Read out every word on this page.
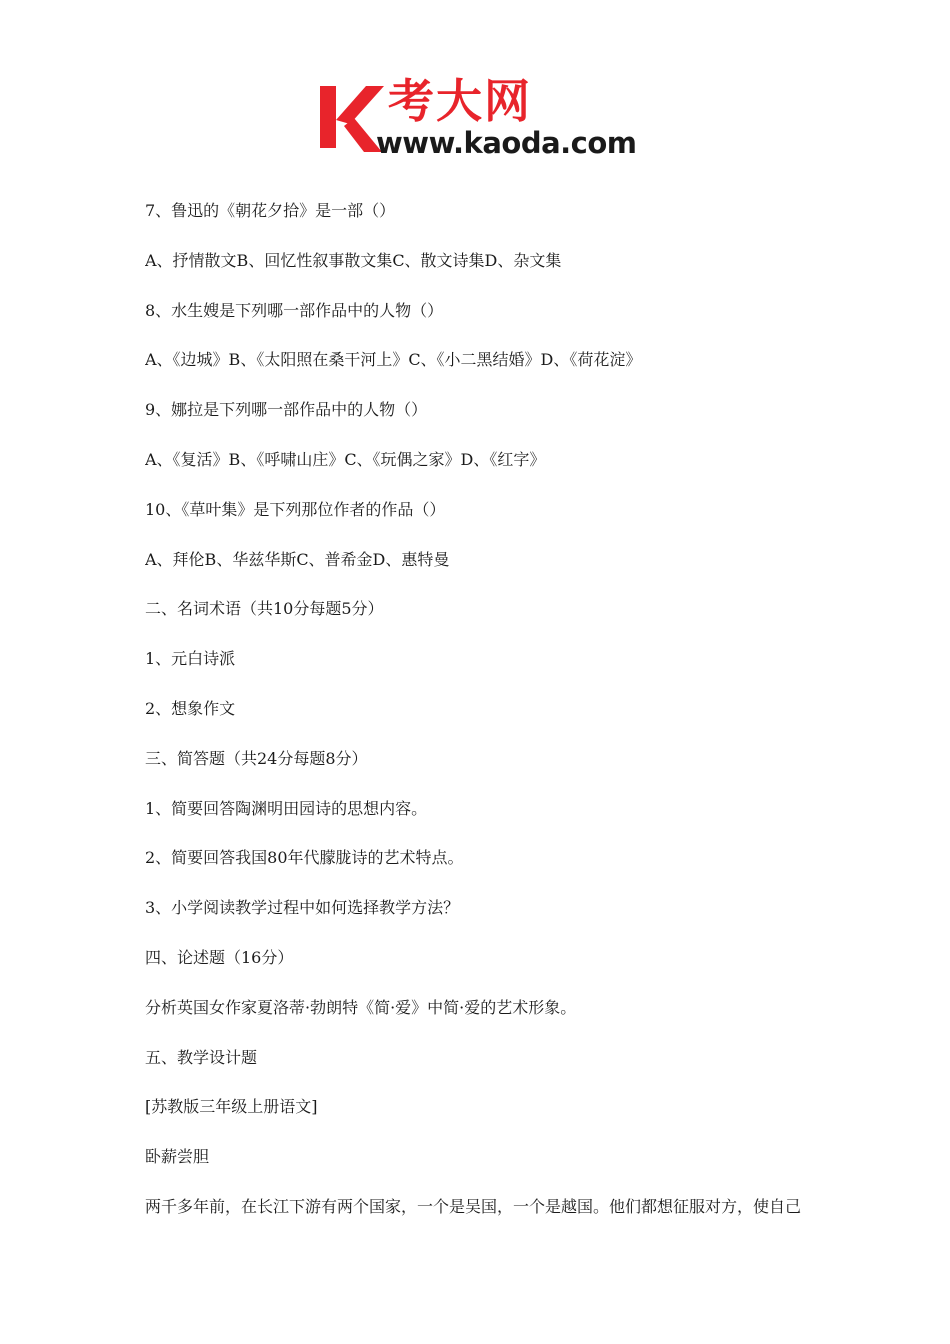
考大网
www.kaoda.com
7、鲁迅的《朝花夕拾》是一部（）
A、抒情散文B、回忆性叙事散文集C、散文诗集D、杂文集
8、水生嫂是下列哪一部作品中的人物（）
A、《边城》B、《太阳照在桑干河上》C、《小二黑结婚》D、《荷花淀》
9、娜拉是下列哪一部作品中的人物（）
A、《复活》B、《呼啸山庄》C、《玩偶之家》D、《红字》
10、《草叶集》是下列那位作者的作品（）
A、拜伦B、华兹华斯C、普希金D、惠特曼
二、名词术语（共10分每题5分）
1、元白诗派
2、想象作文
三、简答题（共24分每题8分）
1、简要回答陶渊明田园诗的思想内容。
2、简要回答我国80年代朦胧诗的艺术特点。
3、小学阅读教学过程中如何选择教学方法？
四、论述题（16分）
分析英国女作家夏洛蒂·勃朗特《简·爱》中简·爱的艺术形象。
五、教学设计题
[苏教版三年级上册语文]
卧薪尝胆
两千多年前，在长江下游有两个国家，一个是吴国，一个是越国。他们都想征服对方，使自己
